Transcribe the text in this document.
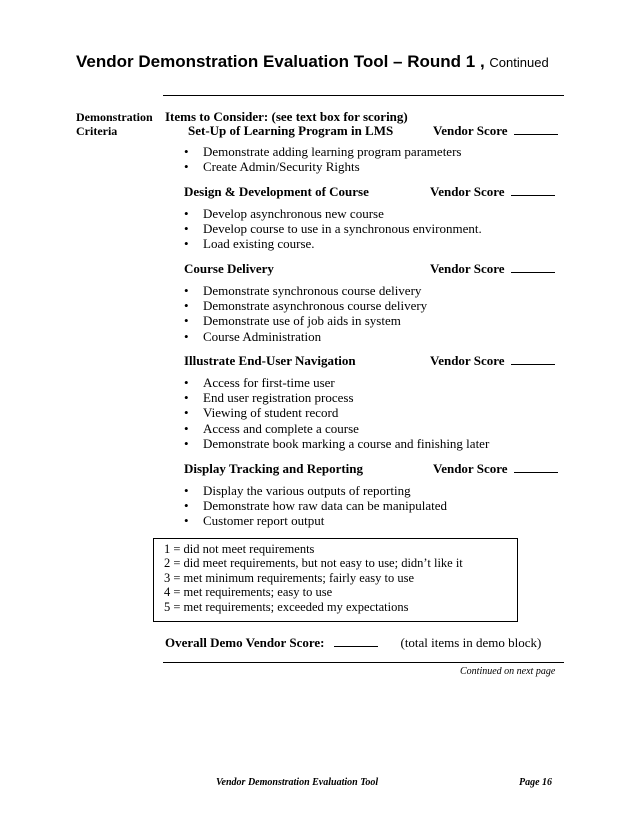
Vendor Demonstration Evaluation Tool – Round 1 , Continued
Demonstration
Criteria
Items to Consider: (see text box for scoring)
Set-Up of Learning Program in LMS	Vendor Score
• Demonstrate adding learning program parameters
• Create Admin/Security Rights
Design & Development of Course	Vendor Score
• Develop asynchronous new course
• Develop course to use in a synchronous environment.
• Load existing course.
Course Delivery	Vendor Score
• Demonstrate synchronous course delivery
• Demonstrate asynchronous course delivery
• Demonstrate use of job aids in system
• Course Administration
Illustrate End-User Navigation	Vendor Score
• Access for first-time user
• End user registration process
• Viewing of student record
• Access and complete a course
• Demonstrate book marking a course and finishing later
Display Tracking and Reporting	Vendor Score
• Display the various outputs of reporting
• Demonstrate how raw data can be manipulated
• Customer report output
1 = did not meet requirements
2 = did meet requirements, but not easy to use; didn’t like it
3 = met minimum requirements; fairly easy to use
4 = met requirements; easy to use
5 = met requirements; exceeded my expectations
Overall Demo Vendor Score:	(total items in demo block)
Continued on next page
Vendor Demonstration Evaluation Tool	Page 16
